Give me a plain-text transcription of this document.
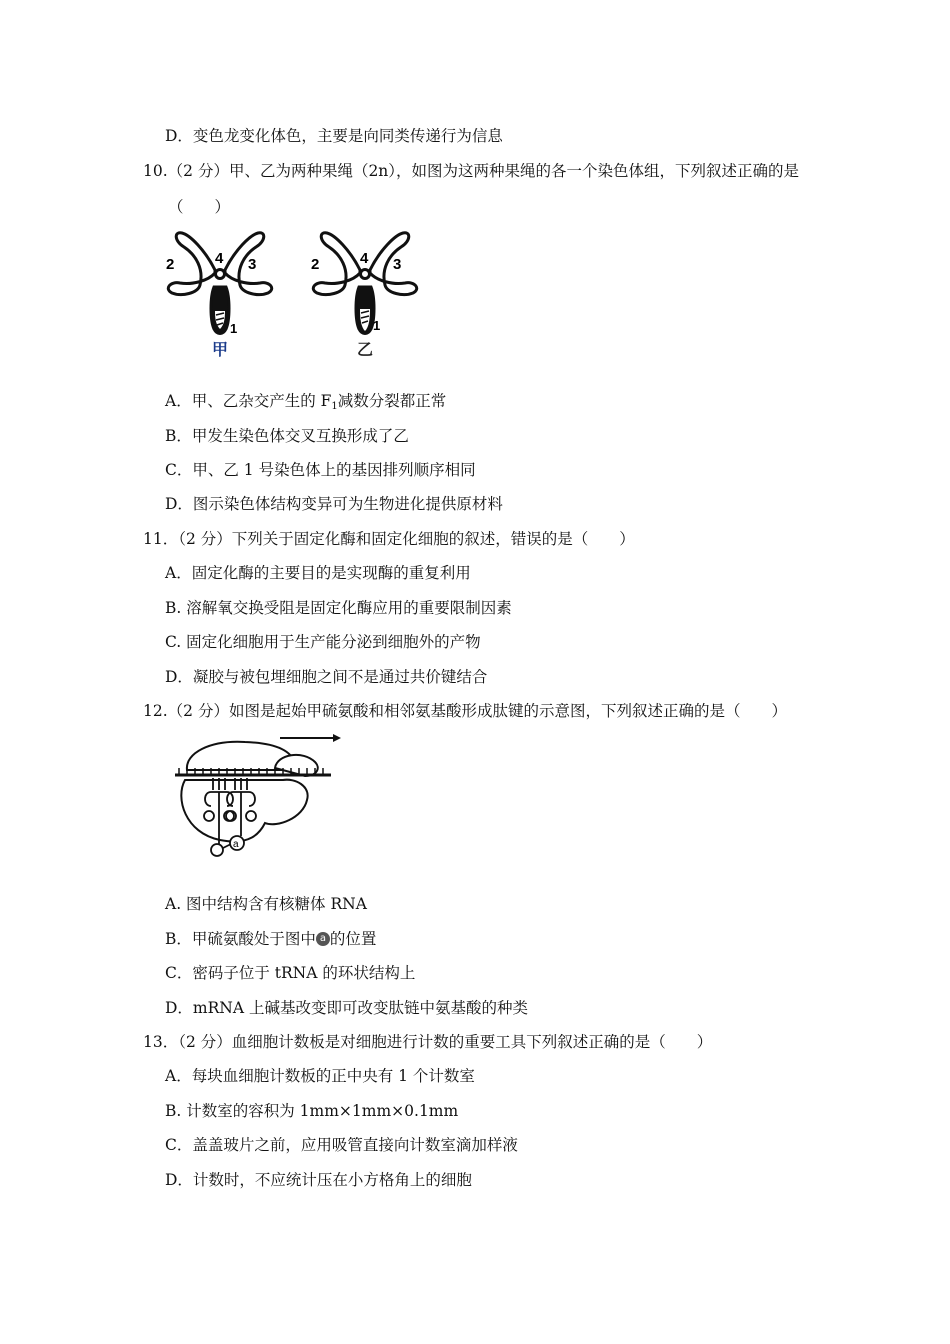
D．变色龙变化体色，主要是向同类传递行为信息
10.（2 分）甲、乙为两种果绳（2n），如图为这两种果绳的各一个染色体组，下列叙述正确的是
（　　）
2	4 3
1
甲
2	4 3
1
乙
A．甲、乙杂交产生的 $F_1$减数分裂都正常
B．甲发生染色体交叉互换形成了乙
C．甲、乙 1 号染色体上的基因排列顺序相同
D．图示染色体结构变异可为生物进化提供原材料
11．（2 分）下列关于固定化酶和固定化细胞的叙述，错误的是（　　）
A．固定化酶的主要目的是实现酶的重复利用
B. 溶解氧交换受阻是固定化酶应用的重要限制因素
C. 固定化细胞用于生产能分泌到细胞外的产物
D．凝胶与被包埋细胞之间不是通过共价键结合
12.（2 分）如图是起始甲硫氨酸和相邻氨基酸形成肽键的示意图，下列叙述正确的是（　　）
a
A. 图中结构含有核糖体 RNA
B．甲硫氨酸处于图中 a 的位置
C．密码子位于 tRNA 的环状结构上
D．mRNA 上碱基改变即可改变肽链中氨基酸的种类
13．（2 分）血细胞计数板是对细胞进行计数的重要工具下列叙述正确的是（　　）
A．每块血细胞计数板的正中央有 1 个计数室
B. 计数室的容积为 1mm×1mm×0.1mm
C．盖盖玻片之前，应用吸管直接向计数室滴加样液
D．计数时，不应统计压在小方格角上的细胞
